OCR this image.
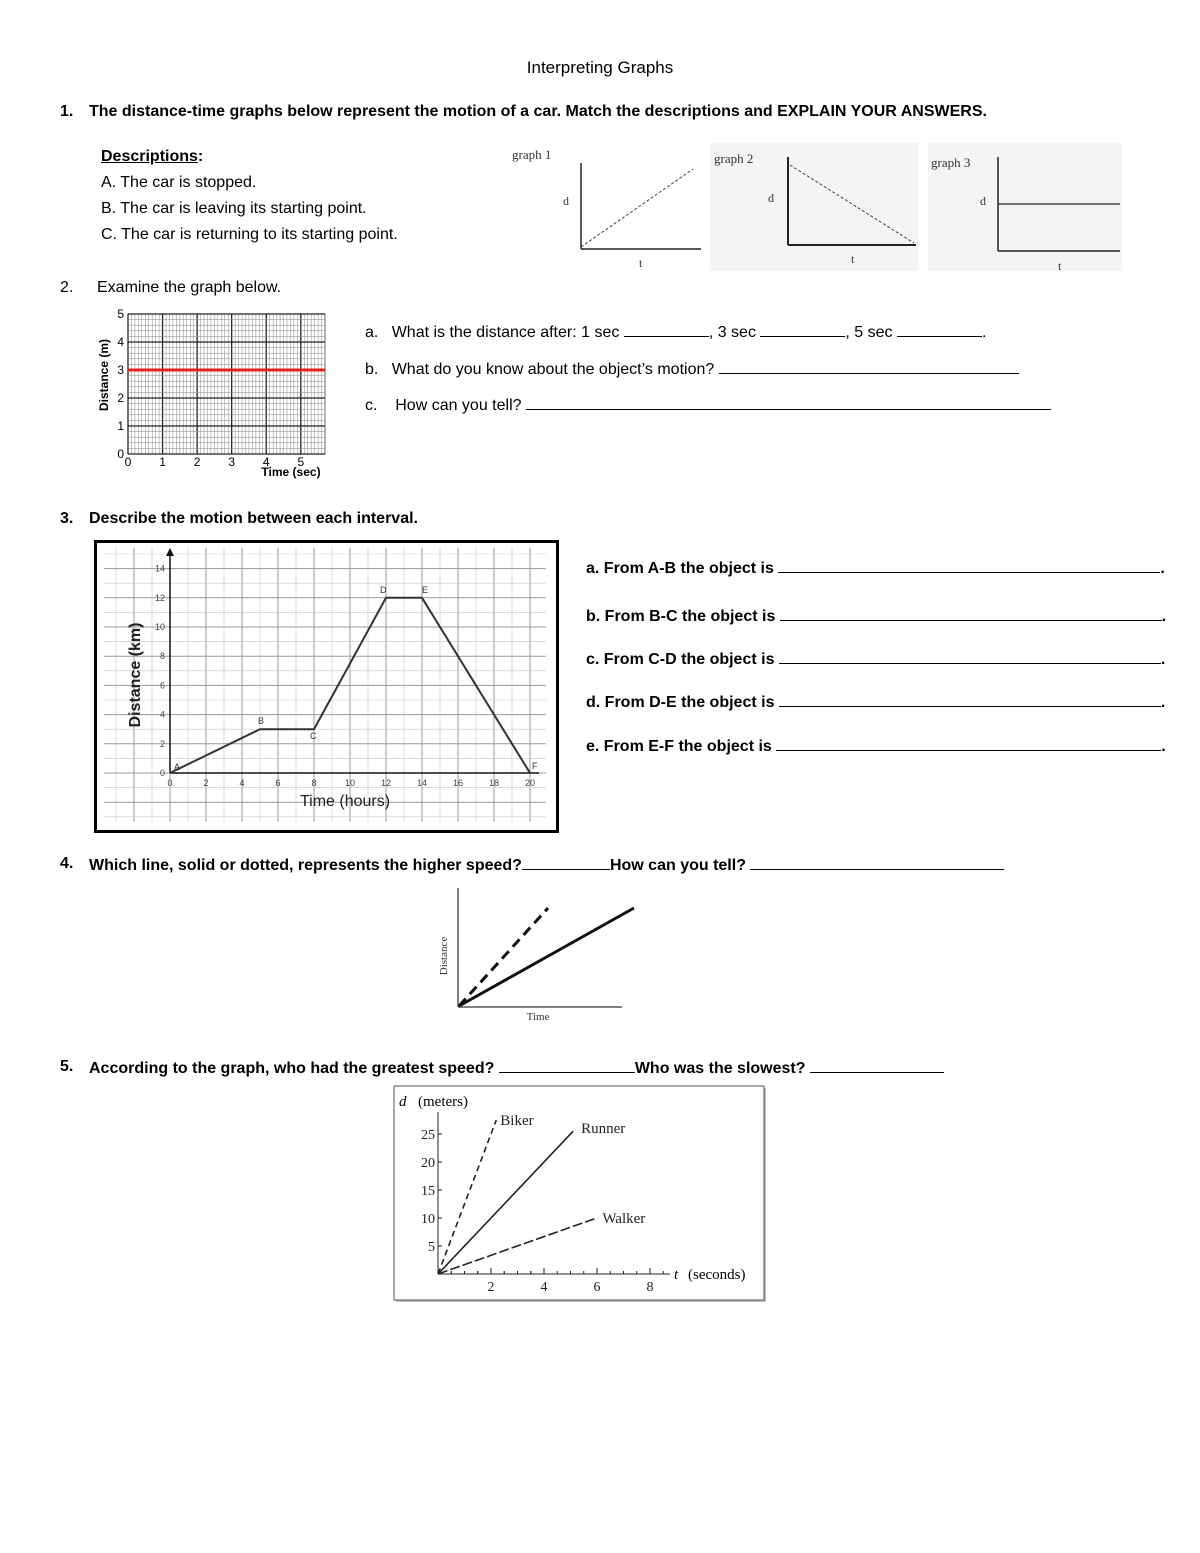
Interpreting Graphs
1. The distance-time graphs below represent the motion of a car. Match the descriptions and EXPLAIN YOUR ANSWERS.
Descriptions:
A. The car is stopped.
B. The car is leaving its starting point.
C. The car is returning to its starting point.
graph 1
d
t
graph 2
d
t
graph 3
d
t
2. Examine the graph below.
0 1 2 3 4 5
0
1
2
3
4
5
Time (sec)
Distance (m)
a. What is the distance after: 1 sec	, 3 sec	, 5 sec	.
b. What do you know about the object’s motion?
c. How can you tell?
3. Describe the motion between each interval.
0	2	4	6	8	10	12	14	16	18	20
0
2
4
6
8
10
12
14
A
B
C
D	E
F
Time (hours)
Distance (km)
a. From A-B the object is	.
b. From B-C the object is	.
c. From C-D the object is	.
d. From D-E the object is	.
e. From E-F the object is	.
4. Which line, solid or dotted, represents the higher speed?	How can you tell?
Distance
Time
5. According to the graph, who had the greatest speed?	Who was the slowest?
d (meters)
t (seconds)
5
10
15
20
25
2	4	6	8
Biker
Runner
Walker
